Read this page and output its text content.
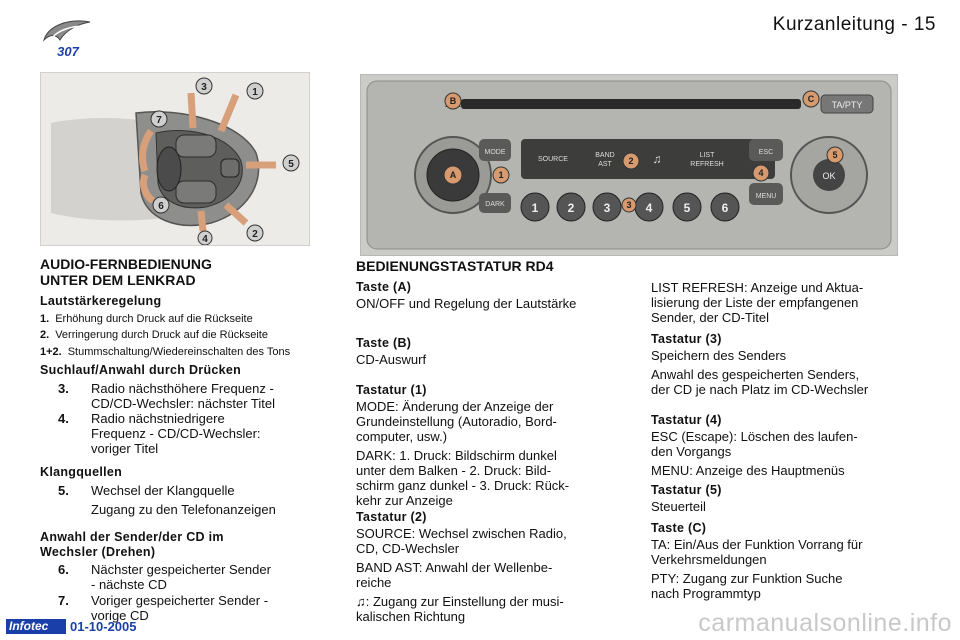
307
Kurzanleitung - 15
3	1
7
5
6
4	2
TA/PTY
MODE
DARK
SOURCE
BAND
AST	♫	LIST
REFRESH
ESC
MENU
OK
1 2 3	4	5	6
B	C
A	1
2
4
5
3
AUDIO-FERNBEDIENUNG
UNTER DEM LENKRAD
Lautstärkeregelung
1. Erhöhung durch Druck auf die Rückseite
2. Verringerung durch Druck auf die Rückseite
1+2. Stummschaltung/Wiedereinschalten des Tons
Suchlauf/Anwahl durch Drücken
3. Radio nächsthöhere Frequenz -
CD/CD-Wechsler: nächster Titel
4. Radio nächstniedrigere
Frequenz - CD/CD-Wechsler:
voriger Titel
Klangquellen
5. Wechsel der Klangquelle
Zugang zu den Telefonanzeigen
Anwahl der Sender/der CD im
Wechsler (Drehen)
6. Nächster gespeicherter Sender
- nächste CD
7. Voriger gespeicherter Sender -
vorige CD
BEDIENUNGSTASTATUR RD4
Taste (A)
ON/OFF und Regelung der Lautstärke
Taste (B)
CD-Auswurf
Tastatur (1)
MODE: Änderung der Anzeige der
Grundeinstellung (Autoradio, Bord-
computer, usw.)
DARK: 1. Druck: Bildschirm dunkel
unter dem Balken - 2. Druck: Bild-
schirm ganz dunkel - 3. Druck: Rück-
kehr zur Anzeige
Tastatur (2)
SOURCE: Wechsel zwischen Radio,
CD, CD-Wechsler
BAND AST: Anwahl der Wellenbe-
reiche
♫: Zugang zur Einstellung der musi-
kalischen Richtung
LIST REFRESH: Anzeige und Aktua-
lisierung der Liste der empfangenen
Sender, der CD-Titel
Tastatur (3)
Speichern des Senders
Anwahl des gespeicherten Senders,
der CD je nach Platz im CD-Wechsler
Tastatur (4)
ESC (Escape): Löschen des laufen-
den Vorgangs
MENU: Anzeige des Hauptmenüs
Tastatur (5)
Steuerteil
Taste (C)
TA: Ein/Aus der Funktion Vorrang für
Verkehrsmeldungen
PTY: Zugang zur Funktion Suche
nach Programmtyp
Infotec	01-10-2005	carmanualsonline.info
